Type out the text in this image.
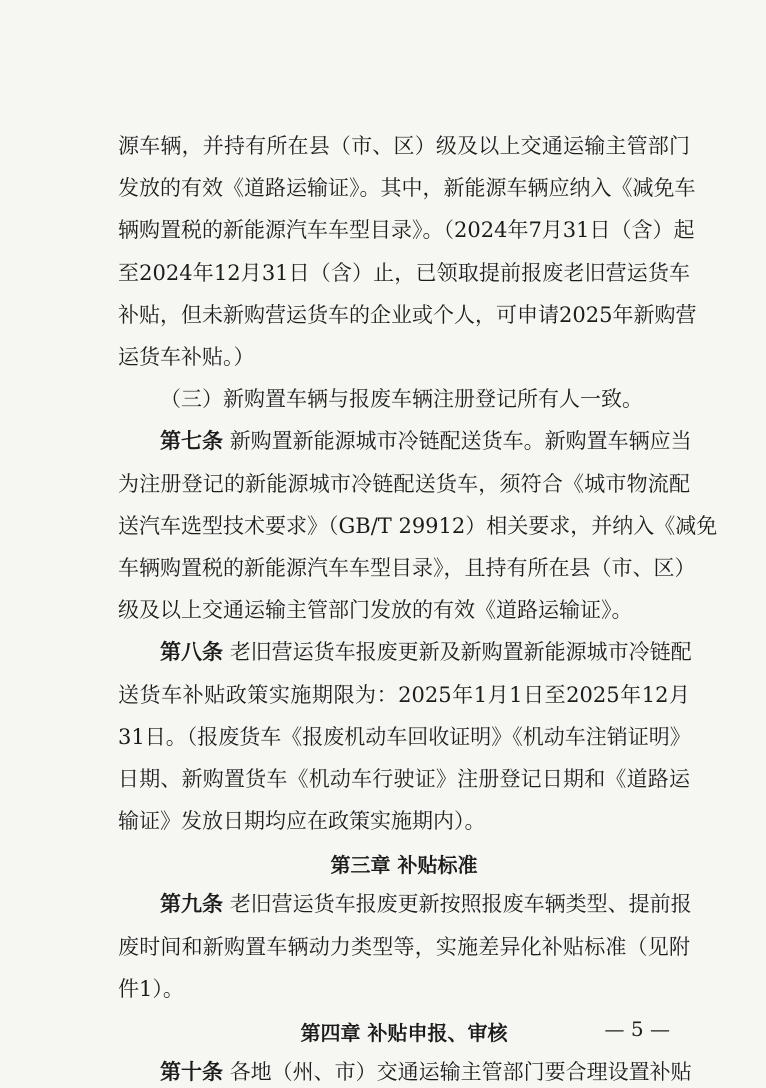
源车辆，并持有所在县（市、区）级及以上交通运输主管部门
发放的有效《道路运输证》。其中，新能源车辆应纳入《减免车
辆购置税的新能源汽车车型目录》。（2024年7月31日（含）起
至2024年12月31日（含）止，已领取提前报废老旧营运货车
补贴，但未新购营运货车的企业或个人，可申请2025年新购营
运货车补贴。）
（三）新购置车辆与报废车辆注册登记所有人一致。
第七条 新购置新能源城市冷链配送货车。新购置车辆应当
为注册登记的新能源城市冷链配送货车，须符合《城市物流配
送汽车选型技术要求》（GB/T 29912）相关要求，并纳入《减免
车辆购置税的新能源汽车车型目录》，且持有所在县（市、区）
级及以上交通运输主管部门发放的有效《道路运输证》。
第八条 老旧营运货车报废更新及新购置新能源城市冷链配
送货车补贴政策实施期限为：2025年1月1日至2025年12月
31日。（报废货车《报废机动车回收证明》《机动车注销证明》
日期、新购置货车《机动车行驶证》注册登记日期和《道路运
输证》发放日期均应在政策实施期内）。
第三章 补贴标准
第九条 老旧营运货车报废更新按照报废车辆类型、提前报
废时间和新购置车辆动力类型等，实施差异化补贴标准（见附
件1）。
第四章 补贴申报、审核	— 5 —
第十条 各地（州、市）交通运输主管部门要合理设置补贴
